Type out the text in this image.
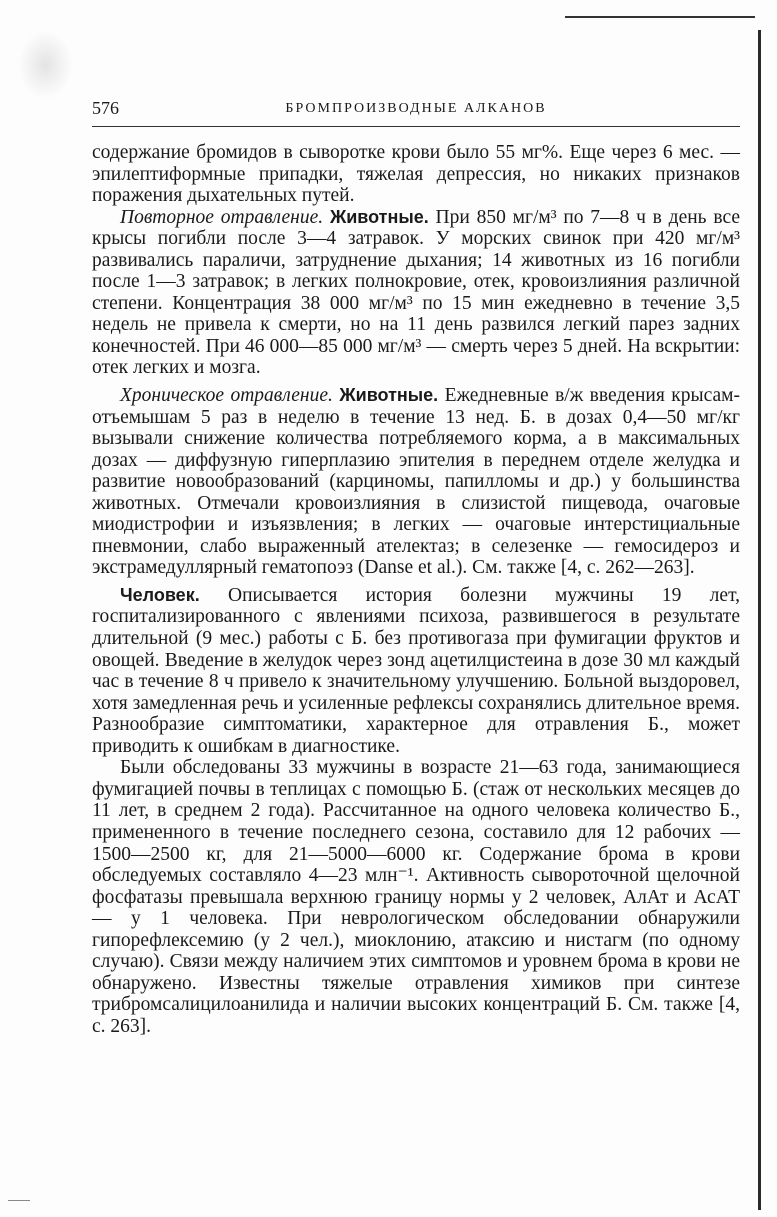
576	БРОМПРОИЗВОДНЫЕ АЛКАНОВ

содержание бромидов в сыворотке крови было 55 мг%. Еще через 6 мес. — эпилептиформные припадки, тяжелая депрессия, но никаких признаков поражения дыхательных путей.

Повторное отравление. Животные. При 850 мг/м³ по 7—8 ч в день все крысы погибли после 3—4 затравок. У морских свинок при 420 мг/м³ развивались параличи, затруднение дыхания; 14 животных из 16 погибли после 1—3 затравок; в легких полнокровие, отек, кровоизлияния различной степени. Концентрация 38 000 мг/м³ по 15 мин ежедневно в течение 3,5 недель не привела к смерти, но на 11 день развился легкий парез задних конечностей. При 46 000—85 000 мг/м³ — смерть через 5 дней. На вскрытии: отек легких и мозга.

Хроническое отравление. Животные. Ежедневные в/ж введения крысам-отъемышам 5 раз в неделю в течение 13 нед. Б. в дозах 0,4—50 мг/кг вызывали снижение количества потребляемого корма, а в максимальных дозах — диффузную гиперплазию эпителия в переднем отделе желудка и развитие новообразований (карциномы, папилломы и др.) у большинства животных. Отмечали кровоизлияния в слизистой пищевода, очаговые миодистрофии и изъязвления; в легких — очаговые интерстициальные пневмонии, слабо выраженный ателектаз; в селезенке — гемосидероз и экстрамедуллярный гематопоэз (Danse et al.). См. также [4, с. 262—263].

Человек. Описывается история болезни мужчины 19 лет, госпитализированного с явлениями психоза, развившегося в результате длительной (9 мес.) работы с Б. без противогаза при фумигации фруктов и овощей. Введение в желудок через зонд ацетилцистеина в дозе 30 мл каждый час в течение 8 ч привело к значительному улучшению. Больной выздоровел, хотя замедленная речь и усиленные рефлексы сохранялись длительное время. Разнообразие симптоматики, характерное для отравления Б., может приводить к ошибкам в диагностике.

Были обследованы 33 мужчины в возрасте 21—63 года, занимающиеся фумигацией почвы в теплицах с помощью Б. (стаж от нескольких месяцев до 11 лет, в среднем 2 года). Рассчитанное на одного человека количество Б., примененного в течение последнего сезона, составило для 12 рабочих — 1500—2500 кг, для 21—5000—6000 кг. Содержание брома в крови обследуемых составляло 4—23 млн⁻¹. Активность сывороточной щелочной фосфатазы превышала верхнюю границу нормы у 2 человек, АлАт и АсАТ — у 1 человека. При неврологическом обследовании обнаружили гипорефлексемию (у 2 чел.), миоклонию, атаксию и нистагм (по одному случаю). Связи между наличием этих симптомов и уровнем брома в крови не обнаружено. Известны тяжелые отравления химиков при синтезе трибромсалицилоанилида и наличии высоких концентраций Б. См. также [4, с. 263].
